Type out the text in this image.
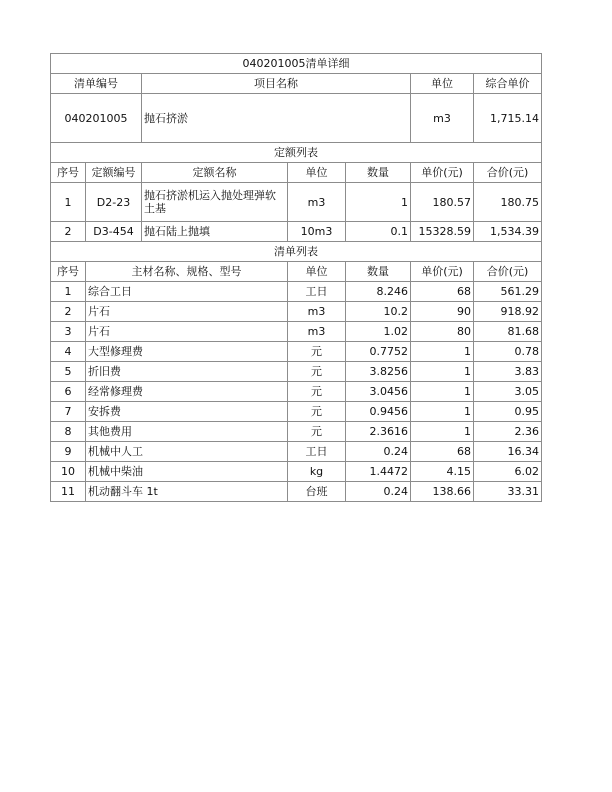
040201005清单详细						
清单编号		项目名称			单位	综合单价
040201005		抛石挤淤			m3	1,715.14
定额列表						
序号	定额编号	定额名称	单位	数量	单价(元)	合价(元)
1	D2-23	抛石挤淤机运入抛处理弹软土基	m3	1	180.57	180.75
2	D3-454	抛石陆上抛填	10m3	0.1	15328.59	1,534.39
清单列表						
序号	主材名称、规格、型号		单位	数量	单价(元)	合价(元)
1	综合工日		工日	8.246	68	561.29
2	片石		m3	10.2	90	918.92
3	片石		m3	1.02	80	81.68
4	大型修理费		元	0.7752	1	0.78
5	折旧费		元	3.8256	1	3.83
6	经常修理费		元	3.0456	1	3.05
7	安拆费		元	0.9456	1	0.95
8	其他费用		元	2.3616	1	2.36
9	机械中人工		工日	0.24	68	16.34
10	机械中柴油		kg	1.4472	4.15	6.02
11	机动翻斗车 1t		台班	0.24	138.66	33.31
